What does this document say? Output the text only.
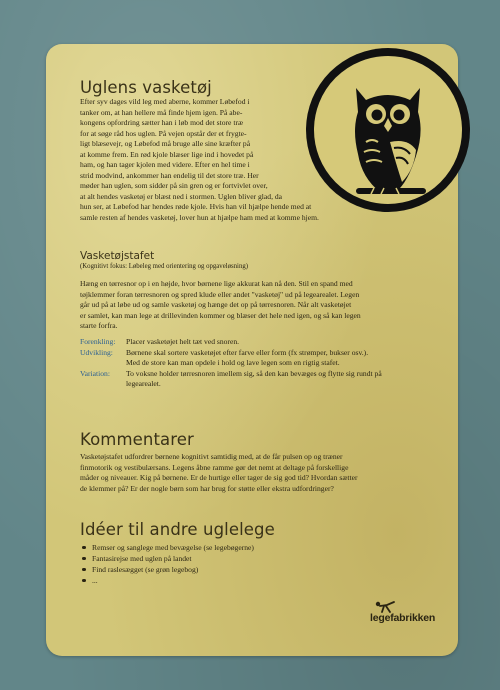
Uglens vasketøj
Efter syv dages vild leg med aberne, kommer Løbefod i
tanker om, at han hellere må finde hjem igen. På abe-
kongens opfordring sætter han i løb mod det store træ
for at søge råd hos uglen. På vejen opstår der et frygte-
ligt blæsevejr, og Løbefod må bruge alle sine kræfter på
at komme frem. En rød kjole blæser lige ind i hovedet på
ham, og han tager kjolen med videre. Efter en hel time i
strid modvind, ankommer han endelig til det store træ. Her
møder han uglen, som sidder på sin gren og er fortvivlet over,
at alt hendes vasketøj er blæst ned i stormen. Uglen bliver glad, da
hun ser, at Løbefod har hendes røde kjole. Hvis han vil hjælpe hende med at
samle resten af hendes vasketøj, lover hun at hjælpe ham med at komme hjem.
Vasketøjstafet
(Kognitivt fokus: Løbeleg med orientering og opgaveløsning)
Hæng en tørresnor op i en højde, hvor børnene lige akkurat kan nå den. Stil en spand med
tøjklemmer foran tørresnoren og spred klude eller andet "vasketøj" ud på legearealet. Legen
går ud på at løbe ud og samle vasketøj og hænge det op på tørresnoren. Når alt vasketøjet
er samlet, kan man lege at drillevinden kommer og blæser det hele ned igen, og så kan legen
starte forfra.
Forenkling:	Placer vasketøjet helt tæt ved snoren.
Udvikling:	Børnene skal sortere vasketøjet efter farve eller form (fx strømper, bukser osv.).
Med de store kan man opdele i hold og lave legen som en rigtig stafet.
Variation:	To voksne holder tørresnoren imellem sig, så den kan bevæges og flytte sig rundt på
legearealet.
Kommentarer
Vasketøjstafet udfordrer børnene kognitivt samtidig med, at de får pulsen op og træner
finmotorik og vestibulærsans. Legens åbne ramme gør det nemt at deltage på forskellige
måder og niveauer. Kig på børnene. Er de hurtige eller tager de sig god tid? Hvordan sætter
de klemmer på? Er der nogle børn som har brug for støtte eller ekstra udfordringer?
Idéer til andre uglelege
Remser og sanglege med bevægelse (se legebøgerne)
Fantasirejse med uglen på landet
Find raslesægget (se grøn legebog)
...
legefabrikken
